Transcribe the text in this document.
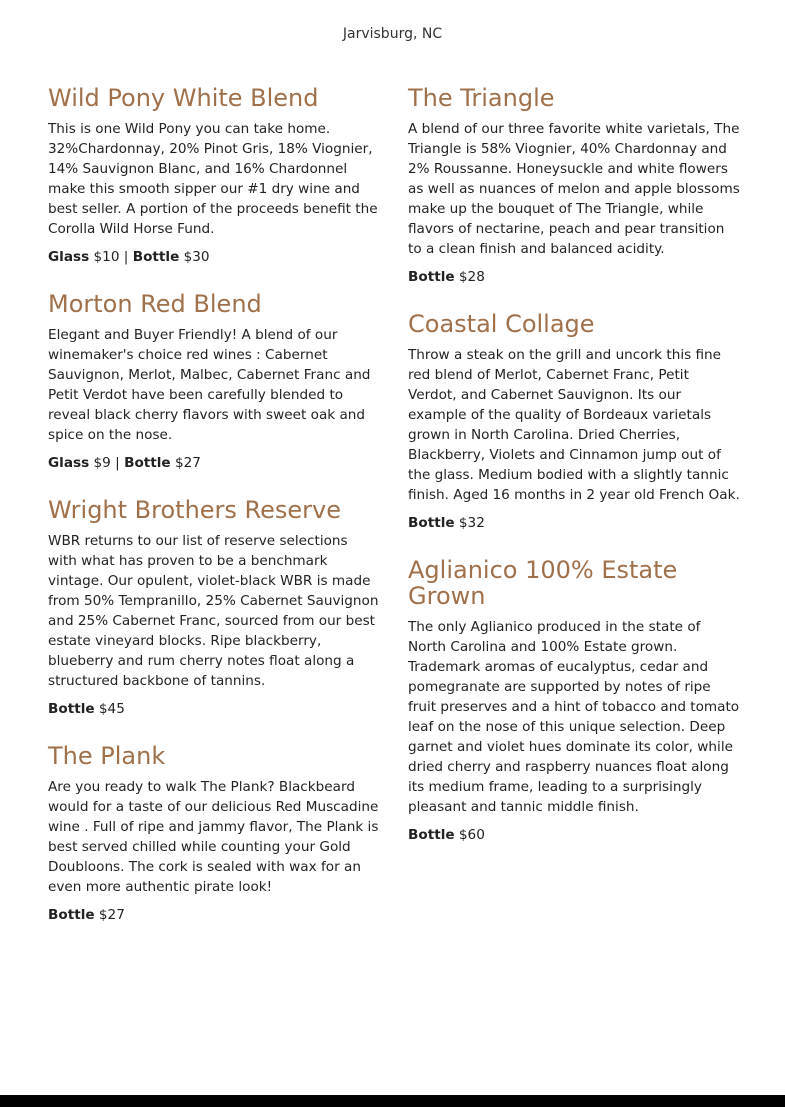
Jarvisburg, NC
Wild Pony White Blend

This is one Wild Pony you can take home. 32%Chardonnay, 20% Pinot Gris, 18% Viognier, 14% Sauvignon Blanc, and 16% Chardonnel make this smooth sipper our #1 dry wine and best seller. A portion of the proceeds benefit the Corolla Wild Horse Fund.

Glass $10 | Bottle $30
Morton Red Blend

Elegant and Buyer Friendly! A blend of our winemaker's choice red wines : Cabernet Sauvignon, Merlot, Malbec, Cabernet Franc and Petit Verdot have been carefully blended to reveal black cherry flavors with sweet oak and spice on the nose.

Glass $9 | Bottle $27
Wright Brothers Reserve

WBR returns to our list of reserve selections with what has proven to be a benchmark vintage. Our opulent, violet-black WBR is made from 50% Tempranillo, 25% Cabernet Sauvignon and 25% Cabernet Franc, sourced from our best estate vineyard blocks. Ripe blackberry, blueberry and rum cherry notes float along a structured backbone of tannins.

Bottle $45
The Plank

Are you ready to walk The Plank? Blackbeard would for a taste of our delicious Red Muscadine wine . Full of ripe and jammy flavor, The Plank is best served chilled while counting your Gold Doubloons. The cork is sealed with wax for an even more authentic pirate look!

Bottle $27
The Triangle

A blend of our three favorite white varietals, The Triangle is 58% Viognier, 40% Chardonnay and 2% Roussanne. Honeysuckle and white flowers as well as nuances of melon and apple blossoms make up the bouquet of The Triangle, while flavors of nectarine, peach and pear transition to a clean finish and balanced acidity.

Bottle $28
Coastal Collage

Throw a steak on the grill and uncork this fine red blend of Merlot, Cabernet Franc, Petit Verdot, and Cabernet Sauvignon. Its our example of the quality of Bordeaux varietals grown in North Carolina. Dried Cherries, Blackberry, Violets and Cinnamon jump out of the glass. Medium bodied with a slightly tannic finish. Aged 16 months in 2 year old French Oak.

Bottle $32
Aglianico 100% Estate Grown

The only Aglianico produced in the state of North Carolina and 100% Estate grown. Trademark aromas of eucalyptus, cedar and pomegranate are supported by notes of ripe fruit preserves and a hint of tobacco and tomato leaf on the nose of this unique selection. Deep garnet and violet hues dominate its color, while dried cherry and raspberry nuances float along its medium frame, leading to a surprisingly pleasant and tannic middle finish.

Bottle $60
